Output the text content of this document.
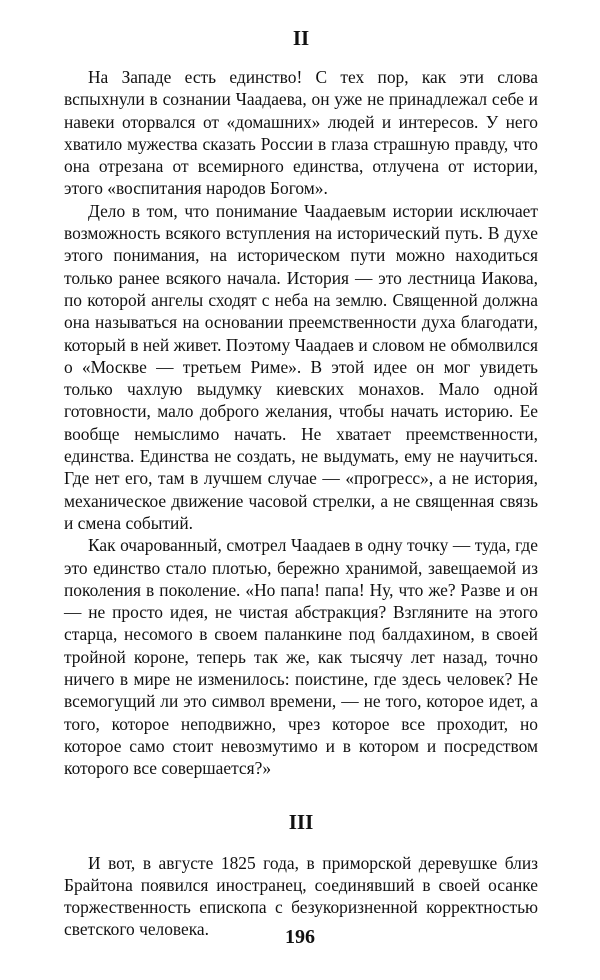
II

На Западе есть единство! С тех пор, как эти слова вспыхнули в сознании Чаадаева, он уже не принадлежал себе и навеки оторвался от «домашних» людей и интересов. У него хватило мужества сказать России в глаза страшную правду, что она отрезана от всемирного единства, отлучена от истории, этого «воспитания народов Богом».

Дело в том, что понимание Чаадаевым истории исключает возможность всякого вступления на исторический путь. В духе этого понимания, на историческом пути можно находиться только ранее всякого начала. История — это лестница Иакова, по которой ангелы сходят с неба на землю. Священной должна она называться на основании преемственности духа благодати, который в ней живет. Поэтому Чаадаев и словом не обмолвился о «Москве — третьем Риме». В этой идее он мог увидеть только чахлую выдумку киевских монахов. Мало одной готовности, мало доброго желания, чтобы начать историю. Ее вообще немыслимо начать. Не хватает преемственности, единства. Единства не создать, не выдумать, ему не научиться. Где нет его, там в лучшем случае — «прогресс», а не история, механическое движение часовой стрелки, а не священная связь и смена событий.

Как очарованный, смотрел Чаадаев в одну точку — туда, где это единство стало плотью, бережно хранимой, завещаемой из поколения в поколение. «Но папа! папа! Ну, что же? Разве и он — не просто идея, не чистая абстракция? Взгляните на этого старца, несомого в своем паланкине под балдахином, в своей тройной короне, теперь так же, как тысячу лет назад, точно ничего в мире не изменилось: поистине, где здесь человек? Не всемогущий ли это символ времени, — не того, которое идет, а того, которое неподвижно, чрез которое все проходит, но которое само стоит невозмутимо и в котором и посредством которого все совершается?»

III

И вот, в августе 1825 года, в приморской деревушке близ Брайтона появился иностранец, соединявший в своей осанке торжественность епископа с безукоризненной корректностью светского человека.	196
